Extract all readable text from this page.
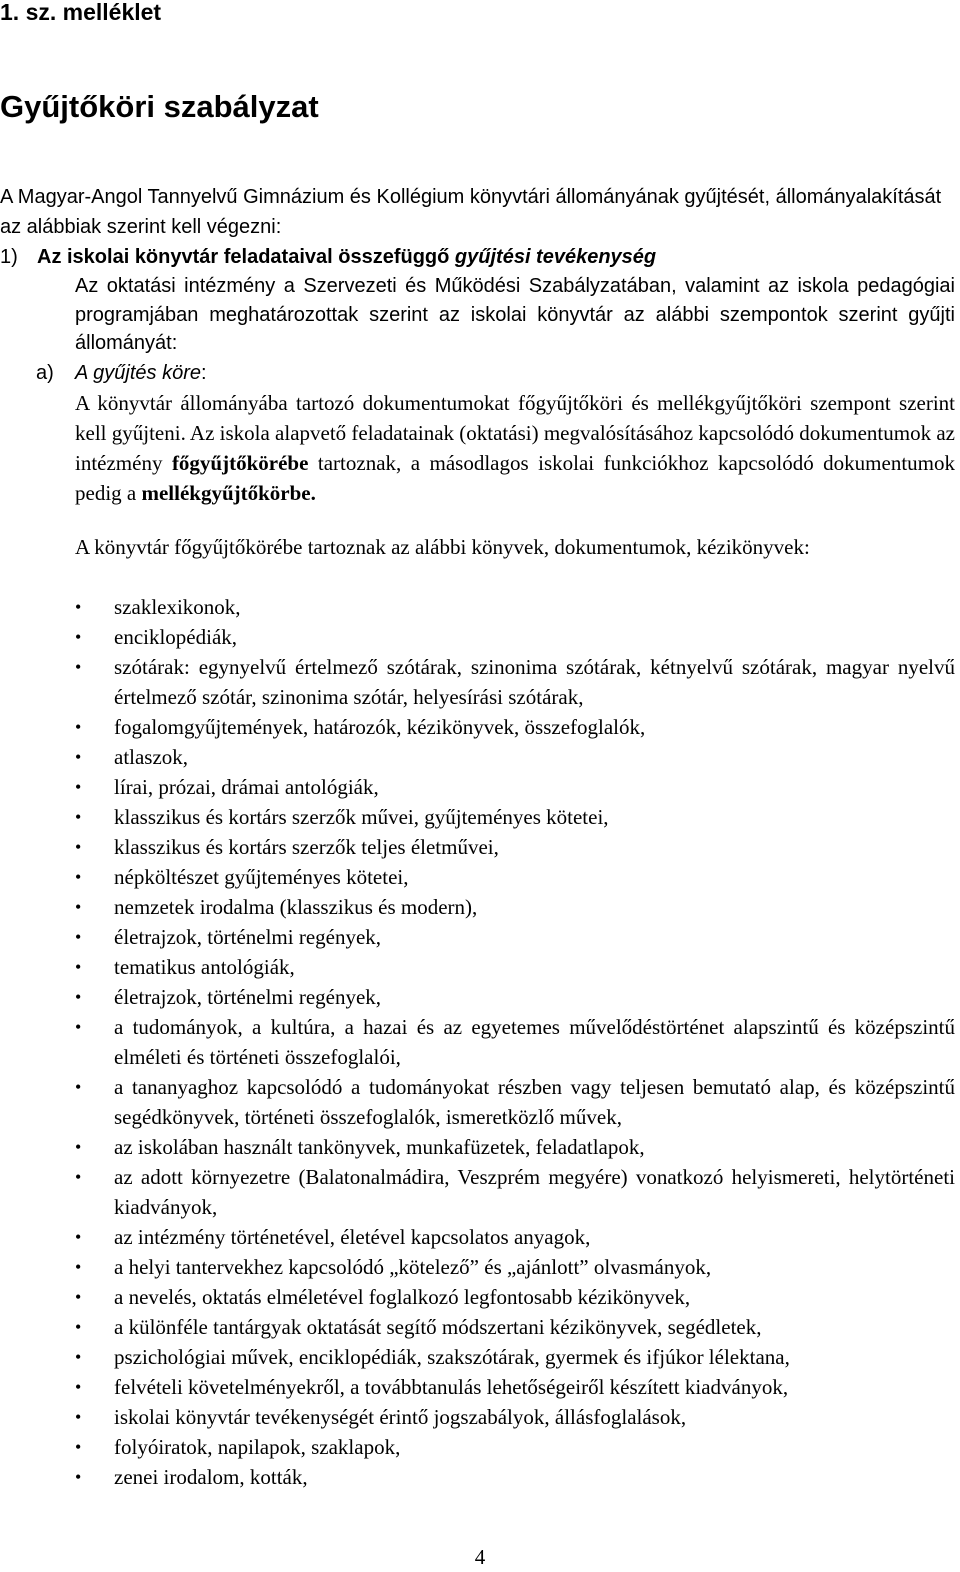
1. sz. melléklet
Gyűjtőköri szabályzat
A Magyar-Angol Tannyelvű Gimnázium és Kollégium könyvtári állományának gyűjtését, állományalakítását az alábbiak szerint kell végezni:
1) Az iskolai könyvtár feladataival összefüggő gyűjtési tevékenység
Az oktatási intézmény a Szervezeti és Működési Szabályzatában, valamint az iskola pedagógiai programjában meghatározottak szerint az iskolai könyvtár az alábbi szempontok szerint gyűjti állományát:
a) A gyűjtés köre:
A könyvtár állományába tartozó dokumentumokat főgyűjtőköri és mellékgyűjtőköri szempont szerint kell gyűjteni. Az iskola alapvető feladatainak (oktatási) megvalósításához kapcsolódó dokumentumok az intézmény főgyűjtőkörébe tartoznak, a másodlagos iskolai funkciókhoz kapcsolódó dokumentumok pedig a mellékgyűjtőkörbe.
A könyvtár főgyűjtőkörébe tartoznak az alábbi könyvek, dokumentumok, kézikönyvek:
• szaklexikonok,
• enciklopédiák,
• szótárak: egynyelvű értelmező szótárak, szinonima szótárak, kétnyelvű szótárak, magyar nyelvű értelmező szótár, szinonima szótár, helyesírási szótárak,
• fogalomgyűjtemények, határozók, kézikönyvek, összefoglalók,
• atlaszok,
• lírai, prózai, drámai antológiák,
• klasszikus és kortárs szerzők művei, gyűjteményes kötetei,
• klasszikus és kortárs szerzők teljes életművei,
• népköltészet gyűjteményes kötetei,
• nemzetek irodalma (klasszikus és modern),
• életrajzok, történelmi regények,
• tematikus antológiák,
• életrajzok, történelmi regények,
• a tudományok, a kultúra, a hazai és az egyetemes művelődéstörténet alapszintű és középszintű elméleti és történeti összefoglalói,
• a tananyaghoz kapcsolódó a tudományokat részben vagy teljesen bemutató alap, és középszintű segédkönyvek, történeti összefoglalók, ismeretközlő művek,
• az iskolában használt tankönyvek, munkafüzetek, feladatlapok,
• az adott környezetre (Balatonalmádira, Veszprém megyére) vonatkozó helyismereti, helytörténeti kiadványok,
• az intézmény történetével, életével kapcsolatos anyagok,
• a helyi tantervekhez kapcsolódó „kötelező” és „ajánlott” olvasmányok,
• a nevelés, oktatás elméletével foglalkozó legfontosabb kézikönyvek,
• a különféle tantárgyak oktatását segítő módszertani kézikönyvek, segédletek,
• pszichológiai művek, enciklopédiák, szakszótárak, gyermek és ifjúkor lélektana,
• felvételi követelményekről, a továbbtanulás lehetőségeiről készített kiadványok,
• iskolai könyvtár tevékenységét érintő jogszabályok, állásfoglalások,
• folyóiratok, napilapok, szaklapok,
• zenei irodalom, kották,
4
